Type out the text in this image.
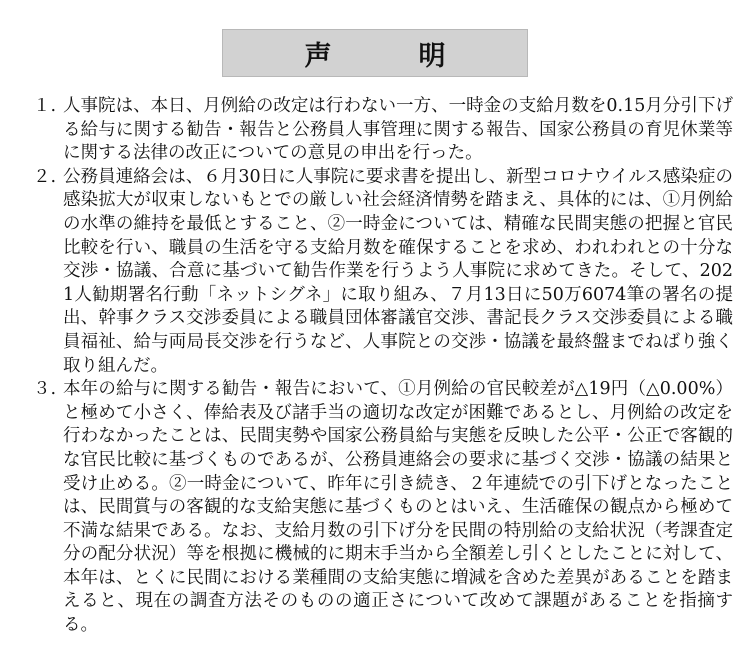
声　明
１. 人事院は、本日、月例給の改定は行わない一方、一時金の支給月数を0.15月分引下げる給与に関する勧告・報告と公務員人事管理に関する報告、国家公務員の育児休業等に関する法律の改正についての意見の申出を行った。
２. 公務員連絡会は、６月30日に人事院に要求書を提出し、新型コロナウイルス感染症の感染拡大が収束しないもとでの厳しい社会経済情勢を踏まえ、具体的には、①月例給の水準の維持を最低とすること、②一時金については、精確な民間実態の把握と官民比較を行い、職員の生活を守る支給月数を確保することを求め、われわれとの十分な交渉・協議、合意に基づいて勧告作業を行うよう人事院に求めてきた。そして、2021人勧期署名行動「ネットシグネ」に取り組み、７月13日に50万6074筆の署名の提出、幹事クラス交渉委員による職員団体審議官交渉、書記長クラス交渉委員による職員福祉、給与両局長交渉を行うなど、人事院との交渉・協議を最終盤までねばり強く取り組んだ。
３. 本年の給与に関する勧告・報告において、①月例給の官民較差が△19円（△0.00%）と極めて小さく、俸給表及び諸手当の適切な改定が困難であるとし、月例給の改定を行わなかったことは、民間実勢や国家公務員給与実態を反映した公平・公正で客観的な官民比較に基づくものであるが、公務員連絡会の要求に基づく交渉・協議の結果と受け止める。②一時金について、昨年に引き続き、２年連続での引下げとなったことは、民間賞与の客観的な支給実態に基づくものとはいえ、生活確保の観点から極めて不満な結果である。なお、支給月数の引下げ分を民間の特別給の支給状況（考課査定分の配分状況）等を根拠に機械的に期末手当から全額差し引くとしたことに対して、本年は、とくに民間における業種間の支給実態に増減を含めた差異があることを踏まえると、現在の調査方法そのものの適正さについて改めて課題があることを指摘する。
